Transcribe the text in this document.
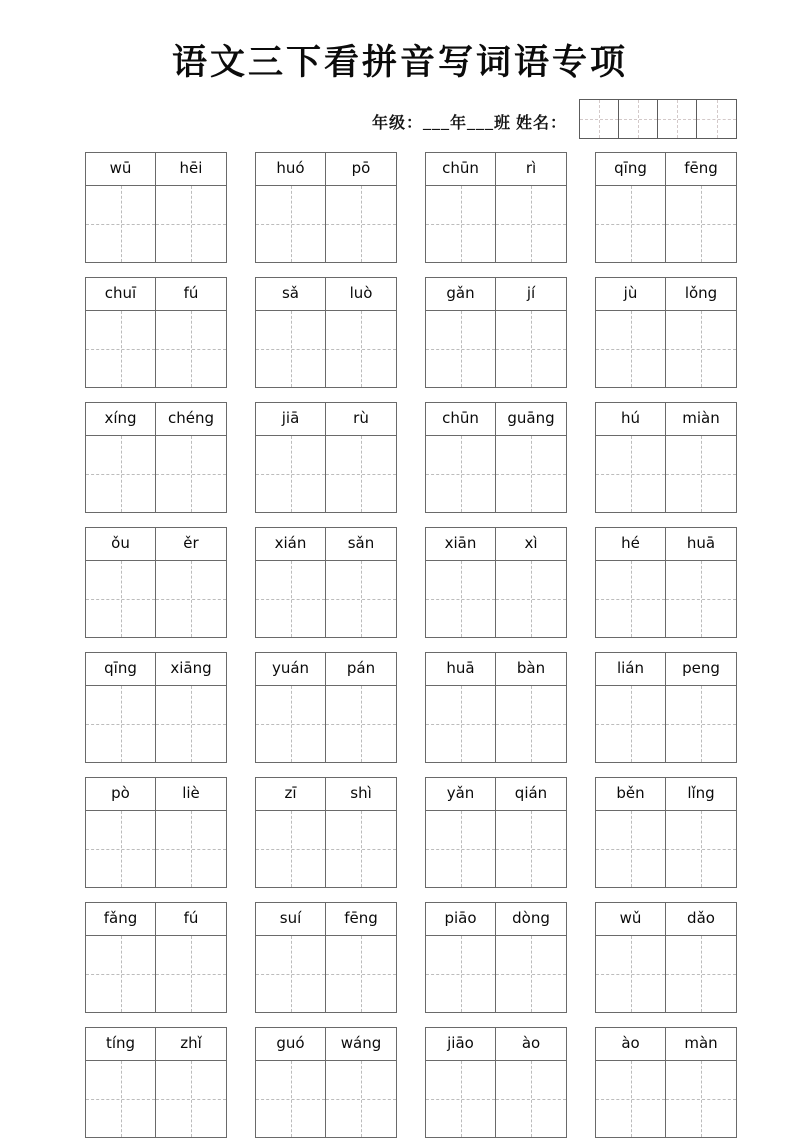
语文三下看拼音写词语专项
年级：___年___班 姓名：
wū	hēi	huó	pō	chūn	rì	qīng	fēng
chuī	fú	sǎ	luò	gǎn	jí	jù	lǒng
xíng	chéng	jiā	rù	chūn	guāng	hú	miàn
ǒu	ěr	xián	sǎn	xiān	xì	hé	huā
qīng	xiāng	yuán	pán	huā	bàn	lián	peng
pò	liè	zī	shì	yǎn	qián	běn	lǐng
fǎng	fú	suí	fēng	piāo	dòng	wǔ	dǎo
tíng	zhǐ	guó	wáng	jiāo	ào	ào	màn
